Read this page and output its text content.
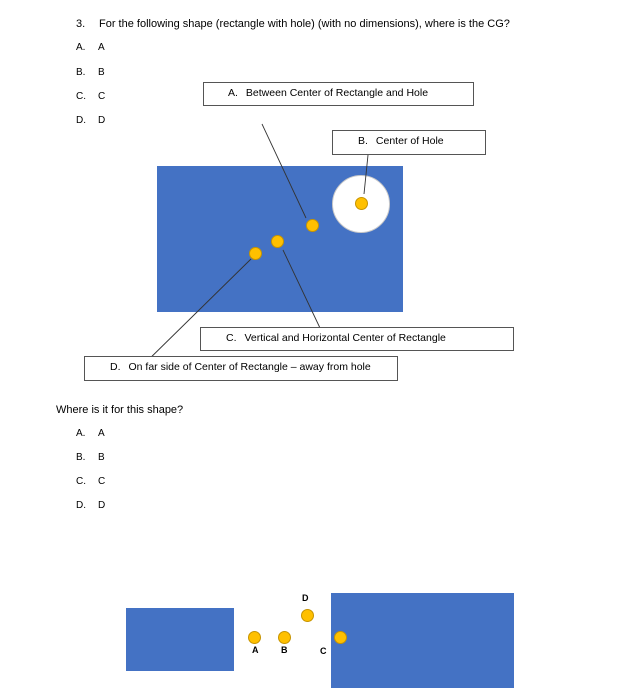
3. For the following shape (rectangle with hole) (with no dimensions), where is the CG?
A. A
B. B
C. C
D. D
A. Between Center of Rectangle and Hole
B. Center of Hole
C. Vertical and Horizontal Center of Rectangle
D. On far side of Center of Rectangle – away from hole
Where is it for this shape?
A. A
B. B
C. C
D. D
A	B	C
D
